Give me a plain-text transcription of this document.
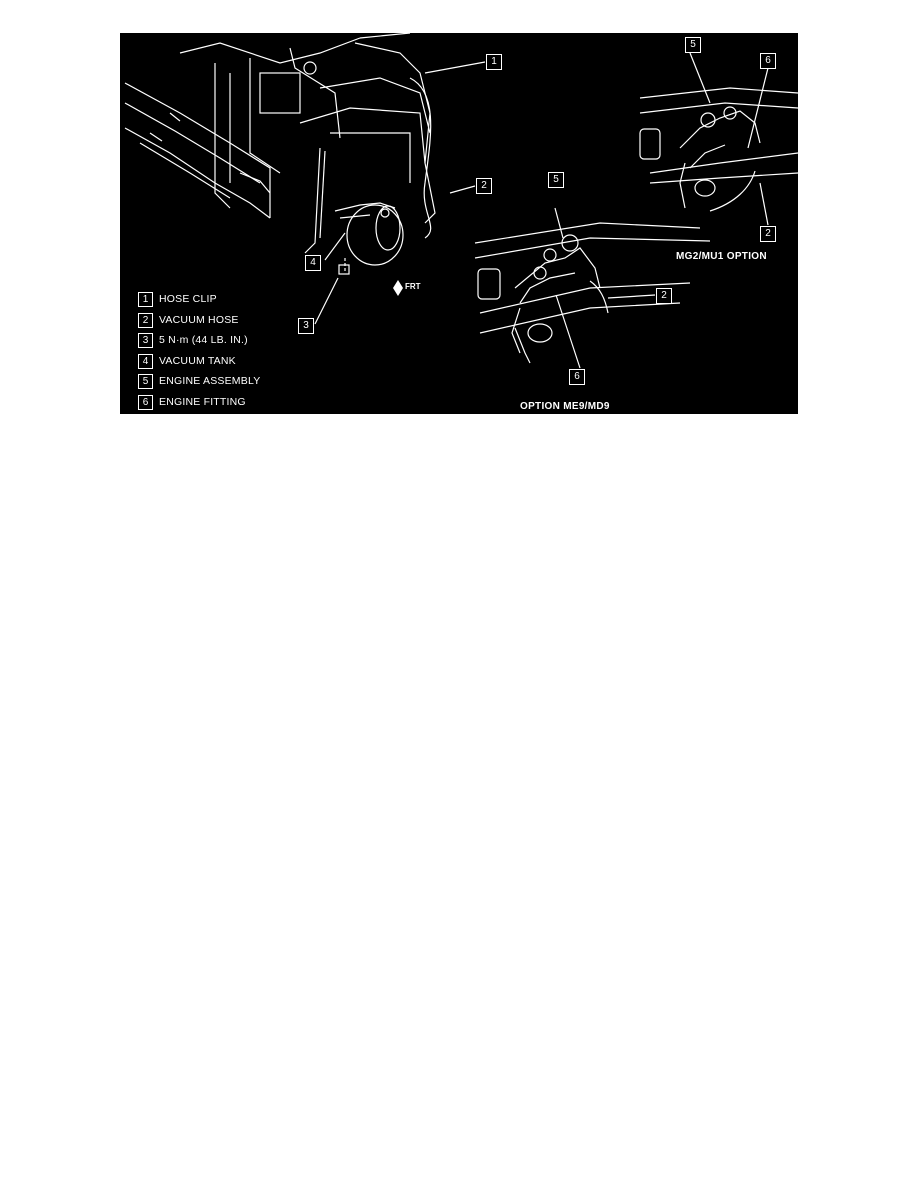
1
2
4
3
5
2
6
5
6
2
FRT
MG2/MU1 OPTION
OPTION ME9/MD9
1	HOSE CLIP
2	VACUUM HOSE
3	5 N·m (44 LB. IN.)
4	VACUUM TANK
5	ENGINE ASSEMBLY
6	ENGINE FITTING
